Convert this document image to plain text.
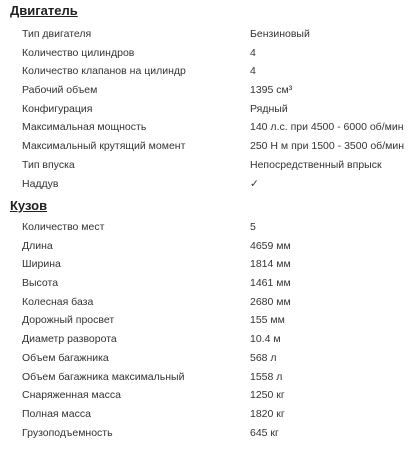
Двигатель
Тип двигателя	Бензиновый
Количество цилиндров	4
Количество клапанов на цилиндр	4
Рабочий объем	1395 см³
Конфигурация	Рядный
Максимальная мощность	140 л.с. при 4500 - 6000 об/мин
Максимальный крутящий момент	250 Н м при 1500 - 3500 об/мин
Тип впуска	Непосредственный впрыск
Наддув	✓
Кузов
Количество мест	5
Длина	4659 мм
Ширина	1814 мм
Высота	1461 мм
Колесная база	2680 мм
Дорожный просвет	155 мм
Диаметр разворота	10.4 м
Объем багажника	568 л
Объем багажника максимальный	1558 л
Снаряженная масса	1250 кг
Полная масса	1820 кг
Грузоподъемность	645 кг
